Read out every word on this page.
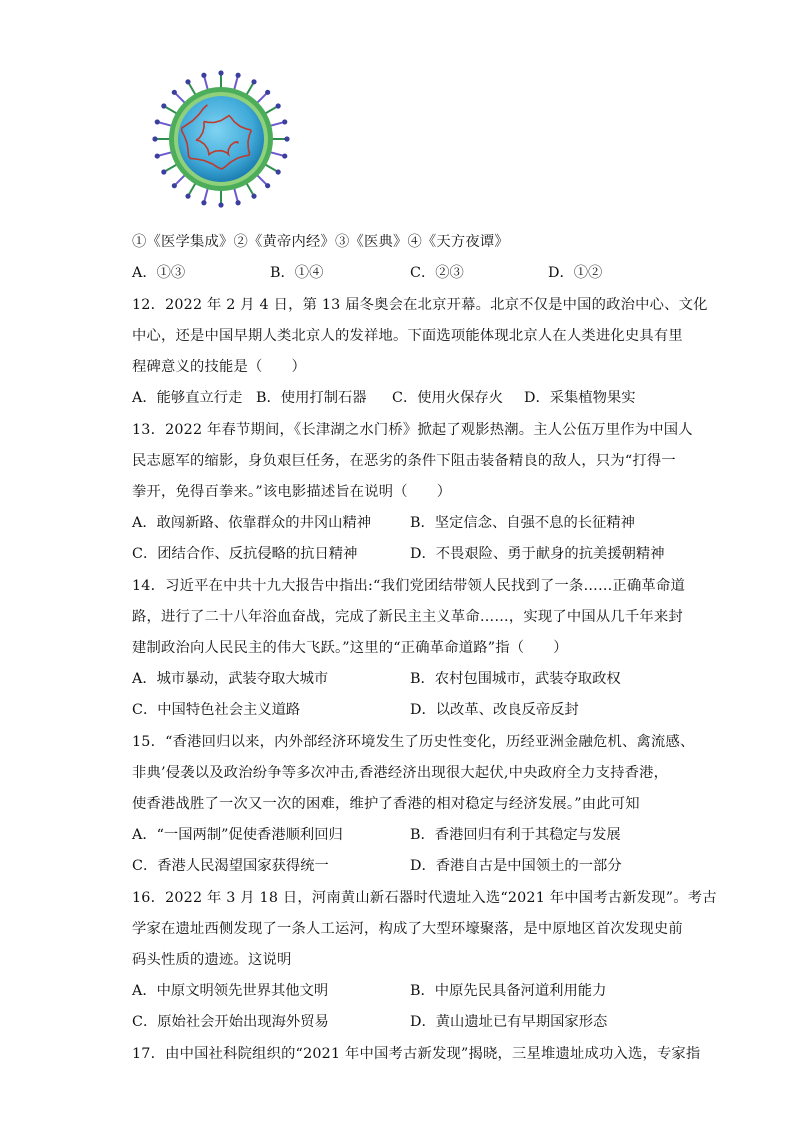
①《医学集成》②《黄帝内经》③《医典》④《天方夜谭》
A．①③	B．①④	C．②③	D．①②
12．2022 年 2 月 4 日，第 13 届冬奥会在北京开幕。北京不仅是中国的政治中心、文化
中心，还是中国早期人类北京人的发祥地。下面选项能体现北京人在人类进化史具有里
程碑意义的技能是（　　）
A．能够直立行走 B．使用打制石器 C．使用火保存火 D．采集植物果实
13．2022 年春节期间，《长津湖之水门桥》掀起了观影热潮。主人公伍万里作为中国人
民志愿军的缩影，身负艰巨任务，在恶劣的条件下阻击装备精良的敌人，只为“打得一
拳开，免得百拳来。”该电影描述旨在说明（　　）
A．敢闯新路、依靠群众的井冈山精神	B．坚定信念、自强不息的长征精神
C．团结合作、反抗侵略的抗日精神	D．不畏艰险、勇于献身的抗美援朝精神
14．习近平在中共十九大报告中指出:“我们党团结带领人民找到了一条……正确革命道
路，进行了二十八年浴血奋战，完成了新民主主义革命……，实现了中国从几千年来封
建制政治向人民民主的伟大飞跃。”这里的“正确革命道路”指（　　）
A．城市暴动，武装夺取大城市	B．农村包围城市，武装夺取政权
C．中国特色社会主义道路	D．以改革、改良反帝反封
15．“香港回归以来，内外部经济环境发生了历史性变化，历经亚洲金融危机、禽流感、
非典’侵袭以及政治纷争等多次冲击,香港经济出现很大起伏,中央政府全力支持香港，
使香港战胜了一次又一次的困难，维护了香港的相对稳定与经济发展。”由此可知
A．“一国两制”促使香港顺利回归	B．香港回归有利于其稳定与发展
C．香港人民渴望国家获得统一	D．香港自古是中国领土的一部分
16．2022 年 3 月 18 日，河南黄山新石器时代遗址入选“2021 年中国考古新发现”。考古
学家在遗址西侧发现了一条人工运河，构成了大型环壕聚落，是中原地区首次发现史前
码头性质的遗迹。这说明
A．中原文明领先世界其他文明	B．中原先民具备河道利用能力
C．原始社会开始出现海外贸易	D．黄山遗址已有早期国家形态
17．由中国社科院组织的“2021 年中国考古新发现”揭晓，三星堆遗址成功入选，专家指
